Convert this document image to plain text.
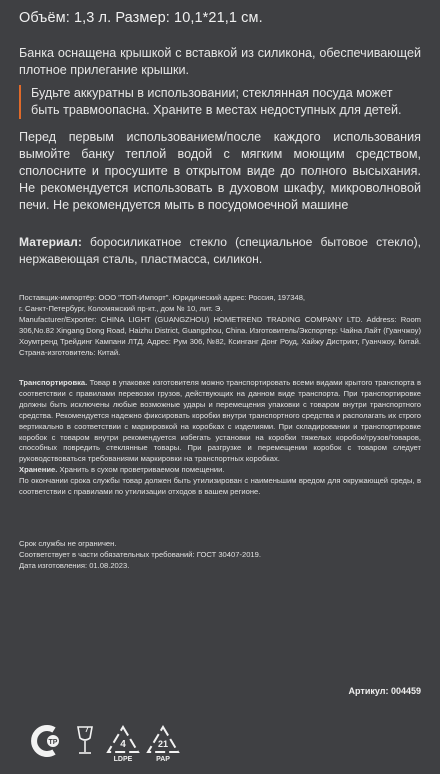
Объём: 1,3 л. Размер: 10,1*21,1 см.
Банка оснащена крышкой с вставкой из силикона, обеспечивающей плотное прилегание крышки.
Будьте аккуратны в использовании; стеклянная посуда может быть травмоопасна. Храните в местах недоступных для детей.
Перед первым использованием/после каждого использования вымойте банку теплой водой с мягким моющим средством, сполосните и просушите в открытом виде до полного высыхания. Не рекомендуется использовать в духовом шкафу, микроволновой печи. Не рекомендуется мыть в посудомоечной машине
Материал: боросиликатное стекло (специальное бытовое стекло), нержавеющая сталь, пластмасса, силикон.
Поставщик-импортёр: ООО "ТОП-Импорт". Юридический адрес: Россия, 197348,
г. Санкт-Петербург, Коломяжский пр-кт., дом № 10, лит. Э.
Manufacturer/Exporter: CHINA LIGHT (GUANGZHOU) HOMETREND TRADING COMPANY LTD. Address: Room 306,No.82 Xingang Dong Road, Haizhu District, Guangzhou, China. Изготовитель/Экспортер: Чайна Лайт (Гуанчжоу) Хоумтренд Трейдинг Кампани ЛТД. Адрес: Рум 306, №82, Ксинганг Донг Роуд, Хайжу Дистрикт, Гуанчжоу, Китай. Страна-изготовитель: Китай.
Транспортировка. Товар в упаковке изготовителя можно транспортировать всеми видами крытого транспорта в соответствии с правилами перевозки грузов, действующих на данном виде транспорта. При транспортировке должны быть исключены любые возможные удары и перемещения упаковки с товаром внутри транспортного средства. Рекомендуется надежно фиксировать коробки внутри транспортного средства и располагать их строго вертикально в соответствии с маркировкой на коробках с изделиями. При складировании и транспортировке коробок с товаром внутри рекомендуется избегать установки на коробки тяжелых коробок/грузов/товаров, способных повредить стеклянные товары. При разгрузке и перемещении коробок с товаром следует руководствоваться требованиями маркировки на транспортных коробках.
Хранение. Хранить в сухом проветриваемом помещении.
По окончании срока службы товар должен быть утилизирован с наименьшим вредом для окружающей среды, в соответствии с правилами по утилизации отходов в вашем регионе.
Срок службы не ограничен.
Соответствует в части обязательных требований: ГОСТ 30407-2019.
Дата изготовления: 01.08.2023.
Артикул: 004459
ТР	4
LDPE
21
PAP
